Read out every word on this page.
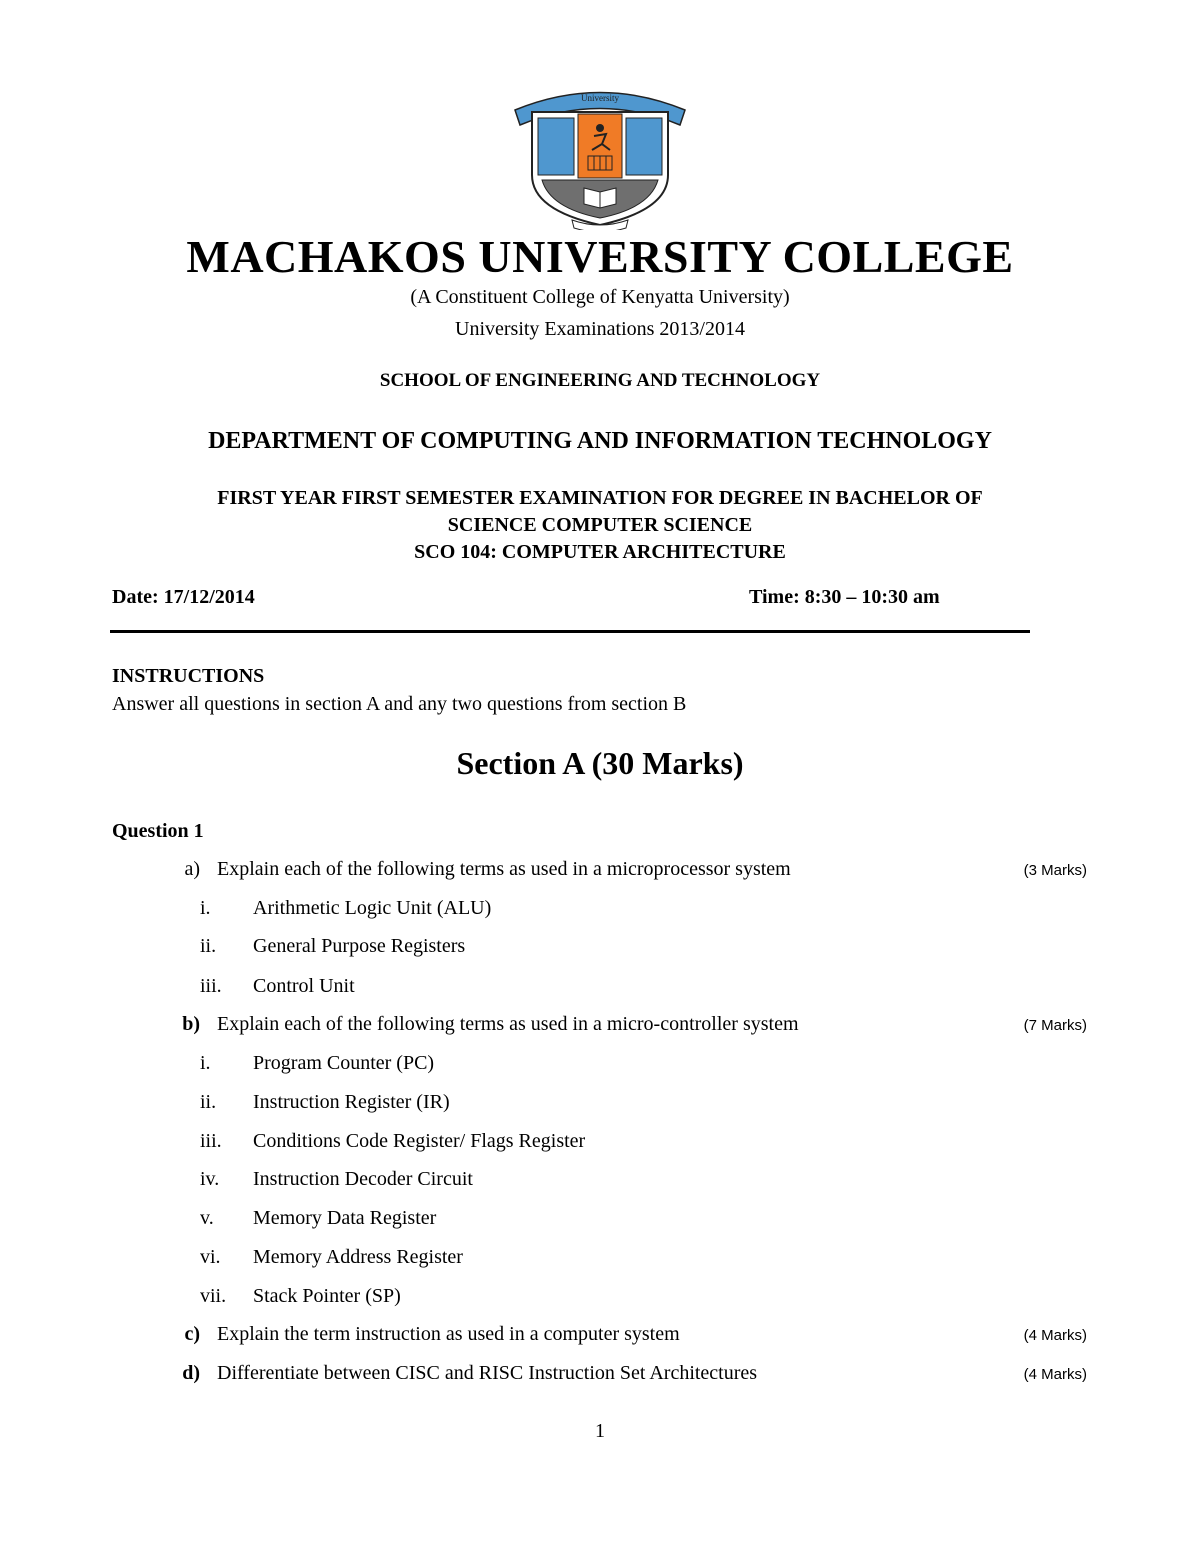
University
MACHAKOS UNIVERSITY COLLEGE
(A Constituent College of Kenyatta University)
University Examinations 2013/2014
SCHOOL OF ENGINEERING AND TECHNOLOGY
DEPARTMENT OF COMPUTING AND INFORMATION TECHNOLOGY
FIRST YEAR FIRST SEMESTER EXAMINATION FOR DEGREE IN BACHELOR OF
SCIENCE COMPUTER SCIENCE
SCO 104: COMPUTER ARCHITECTURE
Date: 17/12/2014	Time: 8:30 – 10:30 am
INSTRUCTIONS
Answer all questions in section A and any two questions from section B
Section A (30 Marks)
Question 1
a) Explain each of the following terms as used in a microprocessor system	(3 Marks)
i.	Arithmetic Logic Unit (ALU)
ii.	General Purpose Registers
iii.	Control Unit
b) Explain each of the following terms as used in a micro-controller system	(7 Marks)
i.	Program Counter (PC)
ii.	Instruction Register (IR)
iii.	Conditions Code Register/ Flags Register
iv.	Instruction Decoder Circuit
v.	Memory Data Register
vi.	Memory Address Register
vii.	Stack Pointer (SP)
c) Explain the term instruction as used in a computer system	(4 Marks)
d) Differentiate between CISC and RISC Instruction Set Architectures	(4 Marks)
1
